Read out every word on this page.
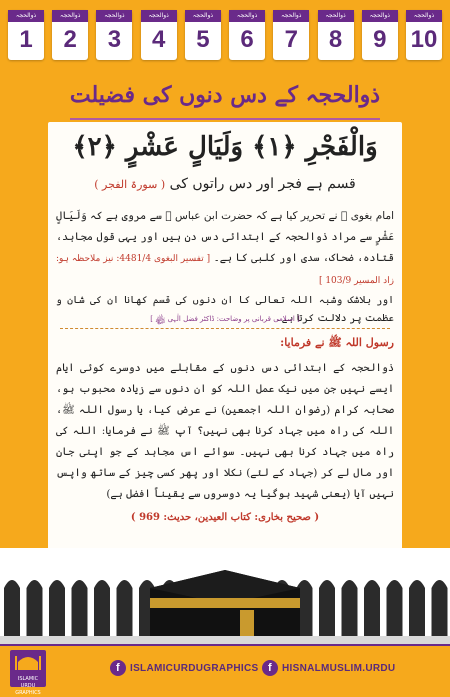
ذوالحجہ
1
ذوالحجہ
2
ذوالحجہ
3
ذوالحجہ
4
ذوالحجہ
5
ذوالحجہ
6
ذوالحجہ
7
ذوالحجہ
8
ذوالحجہ
9
ذوالحجہ
10
ذوالحجہ کے دس دنوں کی فضیلت
وَالْفَجْرِ ﴿١﴾ وَلَيَالٍ عَشْرٍ ﴿٢﴾
قسم ہے فجر اور دس راتوں کی ( سورۃ الفجر )
امام بغوی ﷫ نے تحریر کیا ہے کہ حضرت ابن عباس ﷠ سے مروی ہے کہ وَلَيَالٍ عَشْرٍ سے مراد ذوالحجہ کے ابتدائی دس دن ہیں اور یہی قول مجاہد، قتادہ، ضحاک، سدی اور کلبی کا ہے۔ [ تفسیر البغوی 4481/4: نیز ملاحظہ ہو: زاد المسیر 103/9 ]
اور بلاشک وشبہ اللہ تعالی کا ان دنوں کی قسم کھانا ان کی شان و عظمت پر دلالت کرتا ہے۔
[ اسلامی قربانی پر وضاحت: ڈاکٹر فضل الٰہی ﷾ ]
رسول اللہ ﷺ نے فرمایا:
ذوالحجہ کے ابتدائی دس دنوں کے مقابلے میں دوسرے کوئی ایام ایسے نہیں جن میں نیک عمل اللہ کو ان دنوں سے زیادہ محبوب ہو، صحابہ کرام (رضوان اللہ اجمعین) نے عرض کیا، یا رسول اللہ ﷺ، اللہ کی راہ میں جہاد کرنا بھی نہیں؟ آپ ﷺ نے فرمایا: اللہ کی راہ میں جہاد کرنا بھی نہیں۔ سوائے اس مجاہد کے جو اپنی جان اور مال لے کر (جہاد کے لئے) نکلا اور پھر کسی چیز کے ساتھ واپس نہیں آیا (یعنی شہید ہوگیا یہ دوسروں سے یقیناً افضل ہے)
( صحیح بخاری: کتاب العیدین، حدیث: 969 )
ISLAMIC URDU GRAPHICS
f	ISLAMICURDUGRAPHICS f	HISNALMUSLIM.URDU
